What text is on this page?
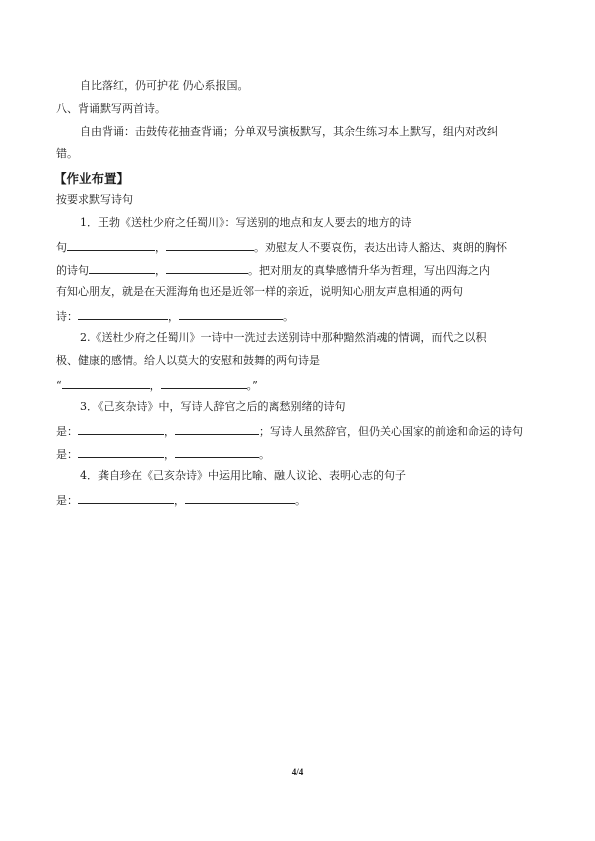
自比落红，仍可护花 仍心系报国。
八、背诵默写两首诗。
自由背诵：击鼓传花抽查背诵；分单双号演板默写，其余生练习本上默写，组内对改纠
错。
【作业布置】
按要求默写诗句
1．王勃《送杜少府之任蜀川》：写送别的地点和友人要去的地方的诗
句	，	。劝慰友人不要哀伤，表达出诗人豁达、爽朗的胸怀
的诗句	，	。把对朋友的真挚感情升华为哲理，写出四海之内
有知心朋友，就是在天涯海角也还是近邻一样的亲近，说明知心朋友声息相通的两句
诗：	，	。
2.《送杜少府之任蜀川》一诗中一洗过去送别诗中那种黯然消魂的情调，而代之以积
极、健康的感情。给人以莫大的安慰和鼓舞的两句诗是
“	，	。”
3．《己亥杂诗》中，写诗人辞官之后的离愁别绪的诗句
是：	，	；写诗人虽然辞官，但仍关心国家的前途和命运的诗句
是：	，	。
4．龚自珍在《己亥杂诗》中运用比喻、融人议论、表明心志的句子
是：	，	。
4/4
